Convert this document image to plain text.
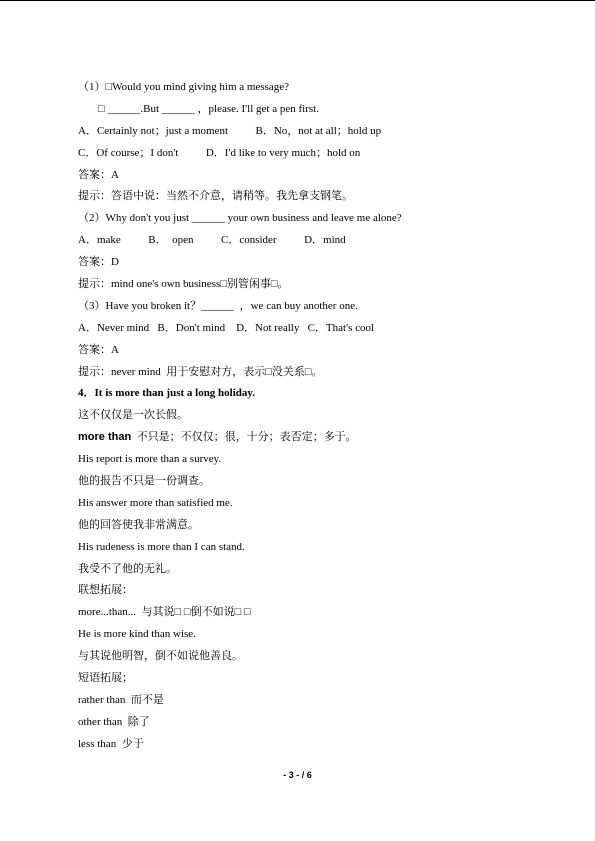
（1）□Would you mind giving him a message?
□ ______.But ______ ，please. I'll get a pen first.
A．Certainly not；just a moment          B．No，not at all；hold up
C．Of course；I don't          D．I'd like to very much；hold on
答案：A
提示：答语中说：当然不介意，请稍等。我先拿支钢笔。
（2）Why don't you just ______ your own business and leave me alone?
A．make          B．  open          C．consider          D．mind
答案：D
提示：mind one's own business□别管闲事□。
（3）Have you broken it？______  ，we can buy another one.
A．Never mind   B．Don't mind    D．Not really   C．That's cool
答案：A
提示：never mind  用于安慰对方，表示□没关系□。
4．It is more than just a long holiday.
这不仅仅是一次长假。
more than  不只是；不仅仅；很，十分；表否定；多于。
His report is more than a survey.
他的报告不只是一份调查。
His answer more than satisfied me.
他的回答使我非常满意。
His rudeness is more than I can stand.
我受不了他的无礼。
联想拓展：
more...than...  与其说□ □倒不如说□ □
He is more kind than wise.
与其说他明智，倒不如说他善良。
短语拓展；
rather than  而不是
other than  除了
less than  少于
- 3 - / 6
